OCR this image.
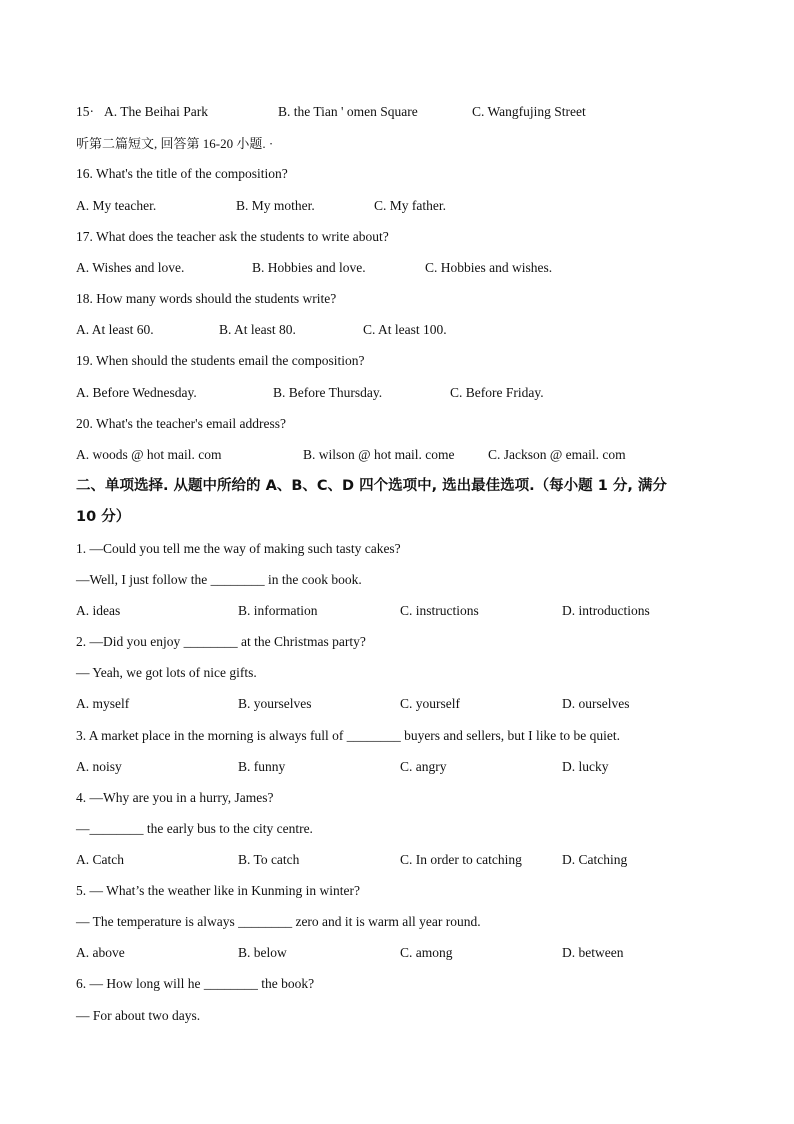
15· A. The Beihai Park	B. the Tian ' omen Square	C. Wangfujing Street
听第二篇短文, 回答第 16-20 小题. ·
16. What's the title of the composition?
A. My teacher.	B. My mother.	C. My father.
17. What does the teacher ask the students to write about?
A. Wishes and love.	B. Hobbies and love.	C. Hobbies and wishes.
18. How many words should the students write?
A. At least 60.	B. At least 80.	C. At least 100.
19. When should the students email the composition?
A. Before Wednesday.	B. Before Thursday.	C. Before Friday.
20. What's the teacher's email address?
A. woods @ hot mail. com	B. wilson @ hot mail. come C. Jackson @ email. com
二、单项选择. 从题中所给的 A、B、C、D 四个选项中, 选出最佳选项.（每小题 1 分, 满分
10 分）
1. —Could you tell me the way of making such tasty cakes?
—Well, I just follow the ________ in the cook book.
A. ideas	B. information	C. instructions	D. introductions
2. —Did you enjoy ________ at the Christmas party?
— Yeah, we got lots of nice gifts.
A. myself	B. yourselves	C. yourself	D. ourselves
3. A market place in the morning is always full of ________ buyers and sellers, but I like to be quiet.
A. noisy	B. funny	C. angry	D. lucky
4. —Why are you in a hurry, James?
—________ the early bus to the city centre.
A. Catch	B. To catch	C. In order to catching	D. Catching
5. — What’s the weather like in Kunming in winter?
— The temperature is always ________ zero and it is warm all year round.
A. above	B. below	C. among	D. between
6. — How long will he ________ the book?
— For about two days.
